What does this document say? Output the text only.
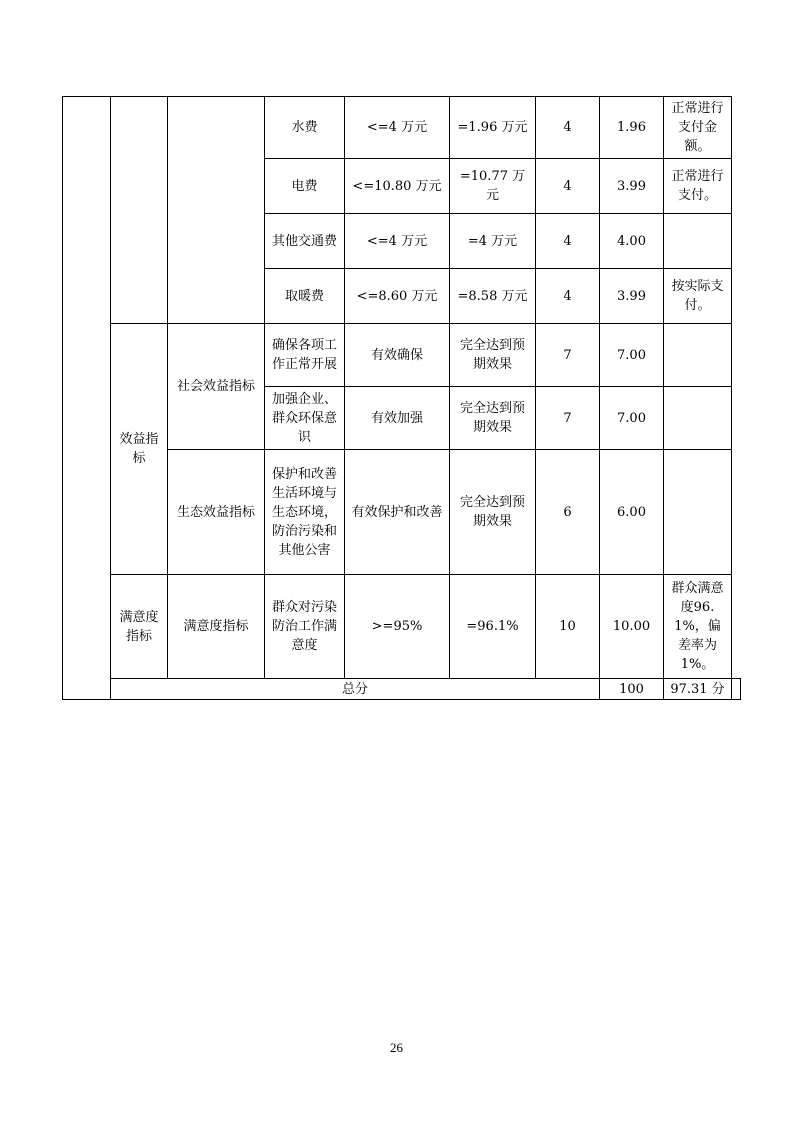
			水费	<=4 万元	=1.96 万元	4	1.96	正常进行支付金额。	
			电费	<=10.80 万元	=10.77 万元	4	3.99	正常进行支付。	
			其他交通费	<=4 万元	=4 万元	4	4.00		
			取暖费	<=8.60 万元	=8.58 万元	4	3.99	按实际支付。	
	效益指标	社会效益指标	确保各项工作正常开展	有效确保	完全达到预期效果	7	7.00		
			加强企业、群众环保意识	有效加强	完全达到预期效果	7	7.00		
		生态效益指标	保护和改善生活环境与生态环境，防治污染和其他公害	有效保护和改善	完全达到预期效果	6	6.00		
	满意度指标	满意度指标	群众对污染防治工作满意度	>=95%	=96.1%	10	10.00	群众满意度96.1%，偏差率为1%。	
	总分						100	97.31 分	
26
